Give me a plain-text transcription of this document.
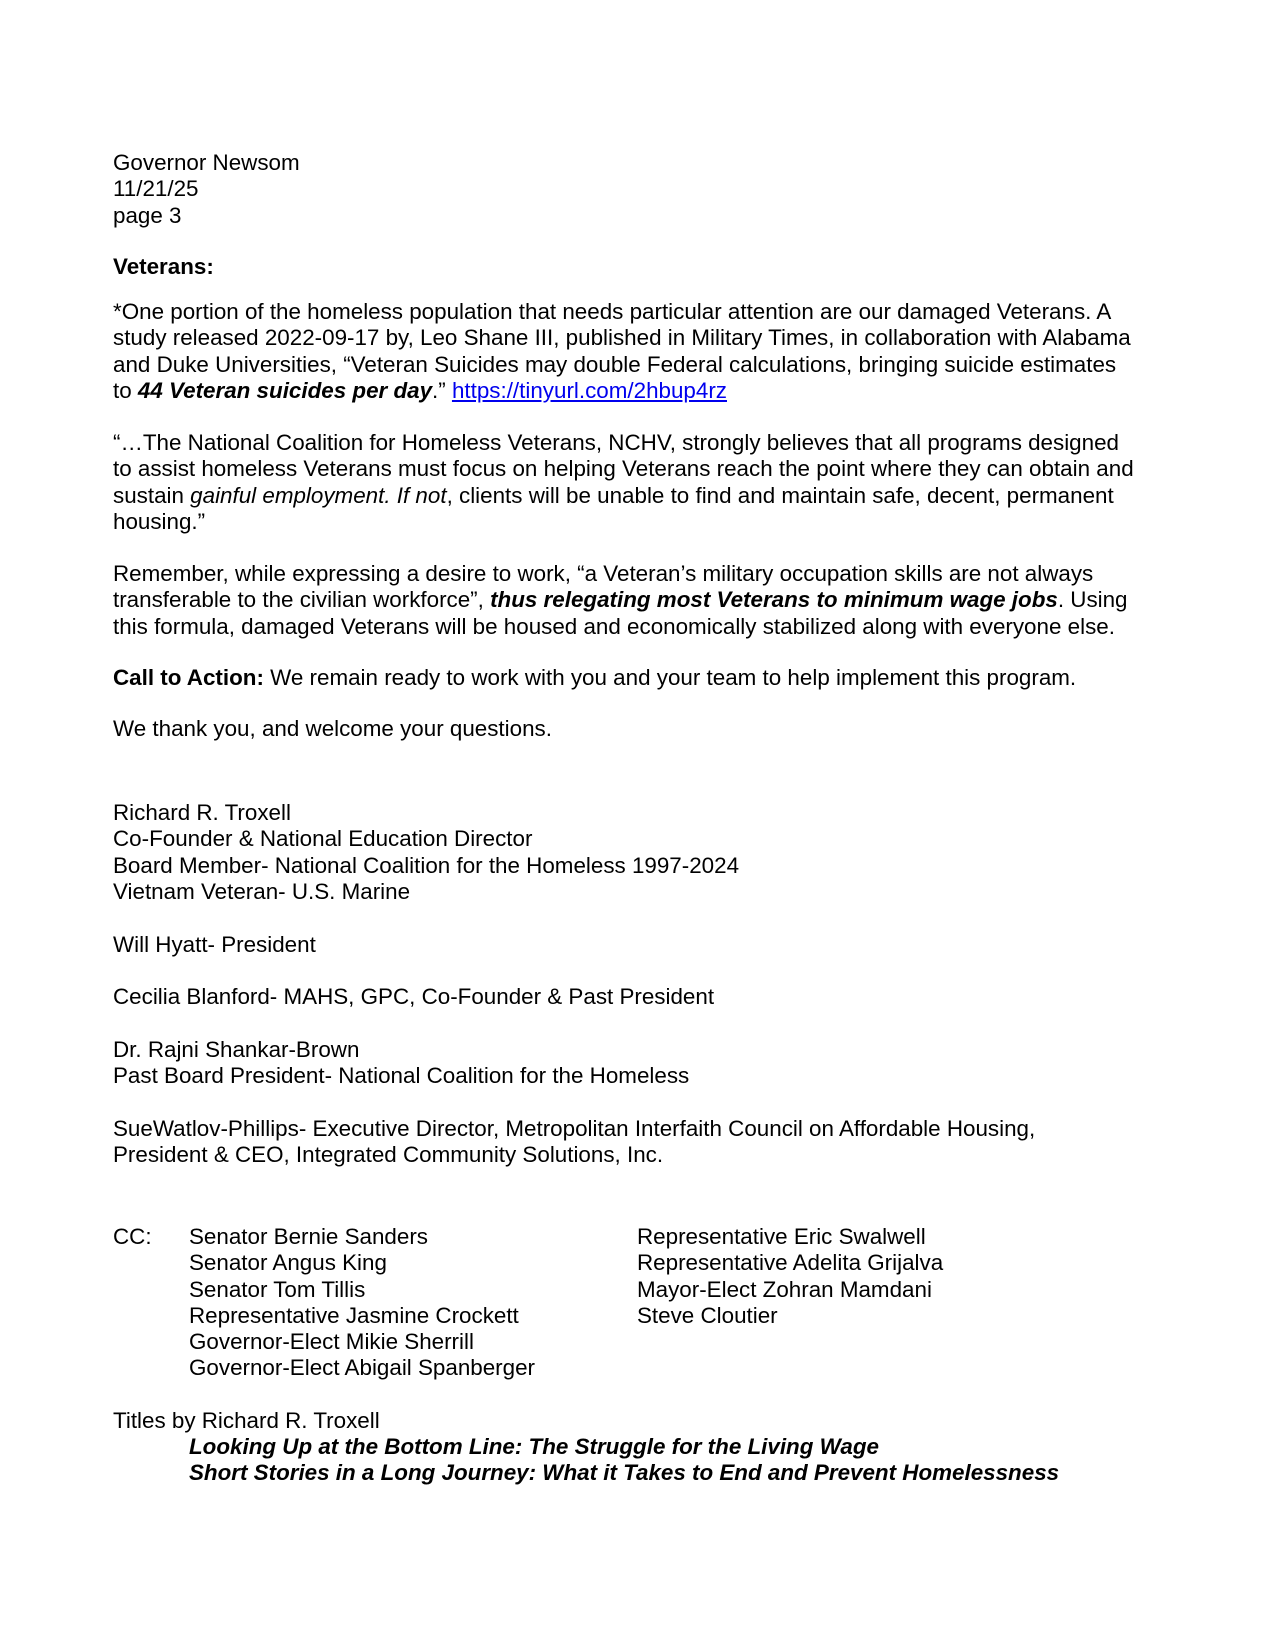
Governor Newsom
11/21/25
page 3
Veterans:
*One portion of the homeless population that needs particular attention are our damaged Veterans. A
study released 2022-09-17 by, Leo Shane III, published in Military Times, in collaboration with Alabama
and Duke Universities, “Veteran Suicides may double Federal calculations, bringing suicide estimates
to 44 Veteran suicides per day.” https://tinyurl.com/2hbup4rz
“…The National Coalition for Homeless Veterans, NCHV, strongly believes that all programs designed
to assist homeless Veterans must focus on helping Veterans reach the point where they can obtain and
sustain gainful employment. If not, clients will be unable to find and maintain safe, decent, permanent
housing.”
Remember, while expressing a desire to work, “a Veteran’s military occupation skills are not always
transferable to the civilian workforce”, thus relegating most Veterans to minimum wage jobs. Using
this formula, damaged Veterans will be housed and economically stabilized along with everyone else.
Call to Action: We remain ready to work with you and your team to help implement this program.
We thank you, and welcome your questions.
Richard R. Troxell
Co-Founder & National Education Director
Board Member- National Coalition for the Homeless 1997-2024
Vietnam Veteran- U.S. Marine
Will Hyatt- President
Cecilia Blanford- MAHS, GPC, Co-Founder & Past President
Dr. Rajni Shankar-Brown
Past Board President- National Coalition for the Homeless
SueWatlov-Phillips- Executive Director, Metropolitan Interfaith Council on Affordable Housing,
President & CEO, Integrated Community Solutions, Inc.
CC: Senator Bernie Sanders
Senator Angus King
Senator Tom Tillis
Representative Jasmine Crockett
Governor-Elect Mikie Sherrill
Governor-Elect Abigail Spanberger
Representative Eric Swalwell
Representative Adelita Grijalva
Mayor-Elect Zohran Mamdani
Steve Cloutier
Titles by Richard R. Troxell
Looking Up at the Bottom Line: The Struggle for the Living Wage
Short Stories in a Long Journey: What it Takes to End and Prevent Homelessness
